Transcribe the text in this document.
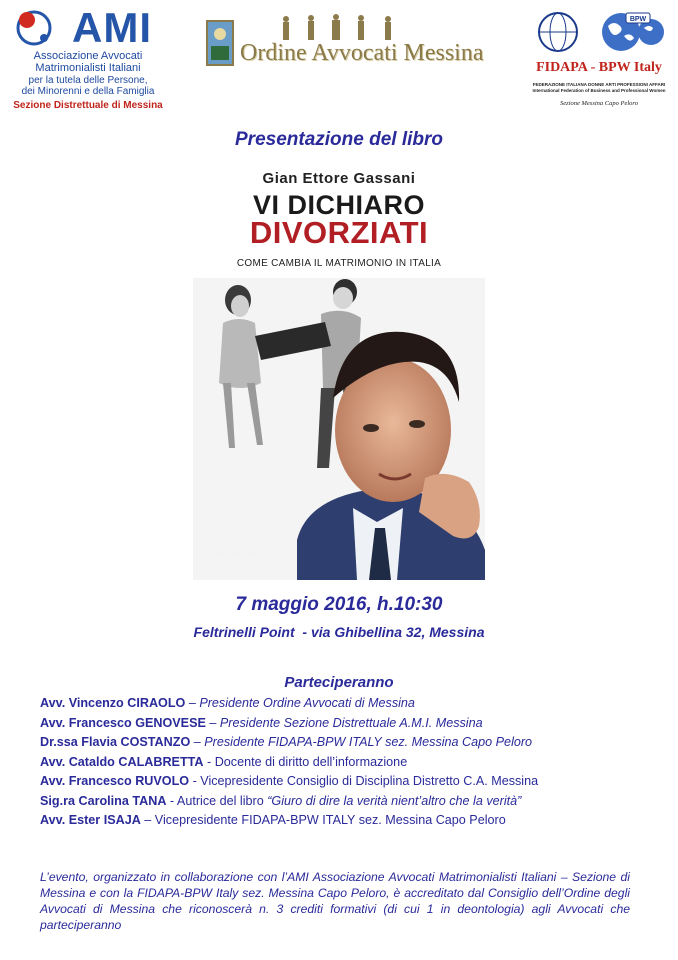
AMI
Associazione Avvocati
Matrimonialisti Italiani
per la tutela delle Persone,
dei Minorenni e della Famiglia
Sezione Distrettuale di Messina
Ordine Avvocati Messina
BPW
FIDAPA - BPW Italy
FEDERAZIONE ITALIANA DONNE ARTI PROFESSIONI AFFARI
International Federation of Business and Professional Women
Sezione Messina Capo Peloro
Presentazione del libro
Gian Ettore Gassani
VI DICHIARO
DIVORZIATI
COME CAMBIA IL MATRIMONIO IN ITALIA
Imprimatur
7 maggio 2016, h.10:30
Feltrinelli Point  - via Ghibellina 32, Messina
Parteciperanno
Avv. Vincenzo CIRAOLO – Presidente Ordine Avvocati di Messina
Avv. Francesco GENOVESE – Presidente Sezione Distrettuale A.M.I. Messina
Dr.ssa Flavia COSTANZO – Presidente FIDAPA-BPW ITALY sez. Messina Capo Peloro
Avv. Cataldo CALABRETTA - Docente di diritto dell’informazione
Avv. Francesco RUVOLO - Vicepresidente Consiglio di Disciplina Distretto C.A. Messina
Sig.ra Carolina TANA - Autrice del libro “Giuro di dire la verità nient’altro che la verità”
Avv. Ester ISAJA – Vicepresidente FIDAPA-BPW ITALY sez. Messina Capo Peloro
L’evento, organizzato in collaborazione con l’AMI Associazione Avvocati Matrimonialisti Italiani – Sezione di Messina e con la FIDAPA-BPW Italy sez. Messina Capo Peloro, è accreditato dal Consiglio dell’Ordine degli Avvocati di Messina che riconoscerà n. 3 crediti formativi (di cui 1 in deontologia) agli Avvocati che parteciperanno
